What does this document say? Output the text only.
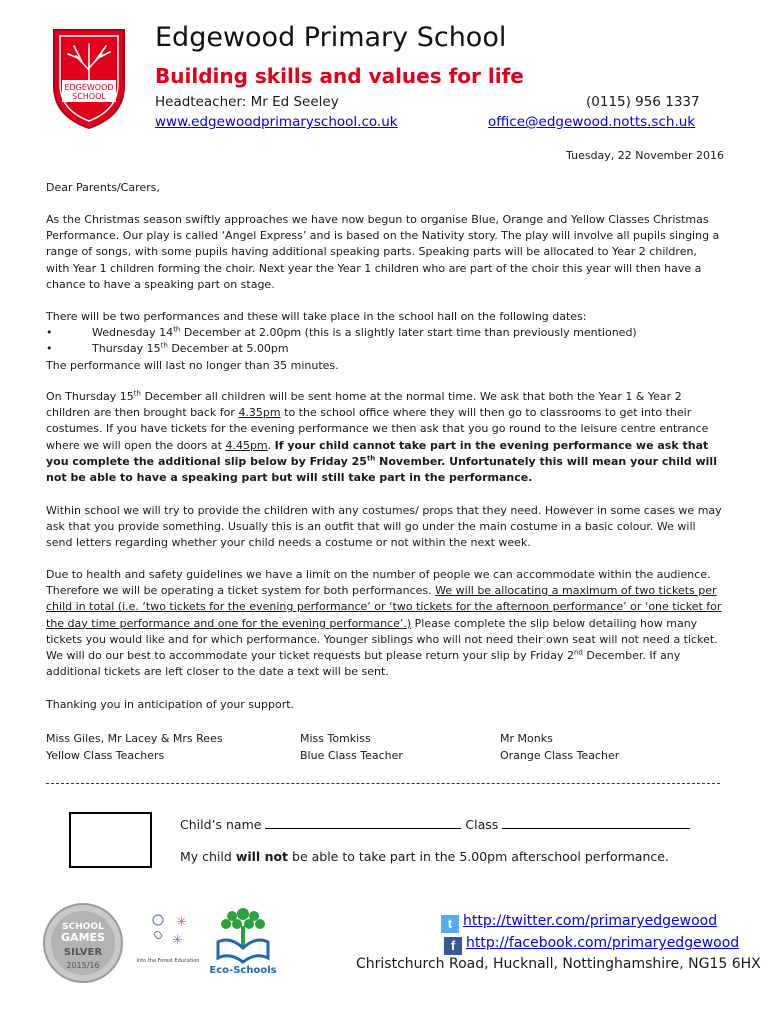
EDGEWOOD
SCHOOL
Edgewood Primary School
Building skills and values for life
Headteacher: Mr Ed Seeley	(0115) 956 1337
www.edgewoodprimaryschool.co.uk	office@edgewood.notts.sch.uk
Tuesday, 22 November 2016
Dear Parents/Carers,
As the Christmas season swiftly approaches we have now begun to organise Blue, Orange and Yellow Classes Christmas Performance. Our play is called ‘Angel Express’ and is based on the Nativity story. The play will involve all pupils singing a range of songs, with some pupils having additional speaking parts. Speaking parts will be allocated to Year 2 children, with Year 1 children forming the choir. Next year the Year 1 children who are part of the choir this year will then have a chance to have a speaking part on stage.

There will be two performances and these will take place in the school hall on the following dates:

• Wednesday 14th December at 2.00pm (this is a slightly later start time than previously mentioned)
• Thursday 15th December at 5.00pm

The performance will last no longer than 35 minutes.

On Thursday 15th December all children will be sent home at the normal time. We ask that both the Year 1 & Year 2 children are then brought back for 4.35pm to the school office where they will then go to classrooms to get into their costumes. If you have tickets for the evening performance we then ask that you go round to the leisure centre entrance where we will open the doors at 4.45pm. If your child cannot take part in the evening performance we ask that you complete the additional slip below by Friday 25th November. Unfortunately this will mean your child will not be able to have a speaking part but will still take part in the performance.
Within school we will try to provide the children with any costumes/ props that they need. However in some cases we may ask that you provide something. Usually this is an outfit that will go under the main costume in a basic colour. We will send letters regarding whether your child needs a costume or not within the next week.
Due to health and safety guidelines we have a limit on the number of people we can accommodate within the audience. Therefore we will be operating a ticket system for both performances. We will be allocating a maximum of two tickets per child in total (i.e. ‘two tickets for the evening performance’ or ‘two tickets for the afternoon performance’ or ‘one ticket for the day time performance and one for the evening performance’.) Please complete the slip below detailing how many tickets you would like and for which performance. Younger siblings who will not need their own seat will not need a ticket. We will do our best to accommodate your ticket requests but please return your slip by Friday 2nd December. If any additional tickets are left closer to the date a text will be sent.
Thanking you in anticipation of your support.
Miss Giles, Mr Lacey & Mrs Rees
Yellow Class Teachers
Miss Tomkiss
Blue Class Teacher
Mr Monks
Orange Class Teacher
Child’s name	Class
My child will not be able to take part in the 5.00pm afterschool performance.
SCHOOL
GAMES
SILVER
2015/16
✳
✳
Into the Forest Education
Eco-Schools
t http://twitter.com/primaryedgewood
f http://facebook.com/primaryedgewood
Christchurch Road, Hucknall, Nottinghamshire, NG15 6HX
